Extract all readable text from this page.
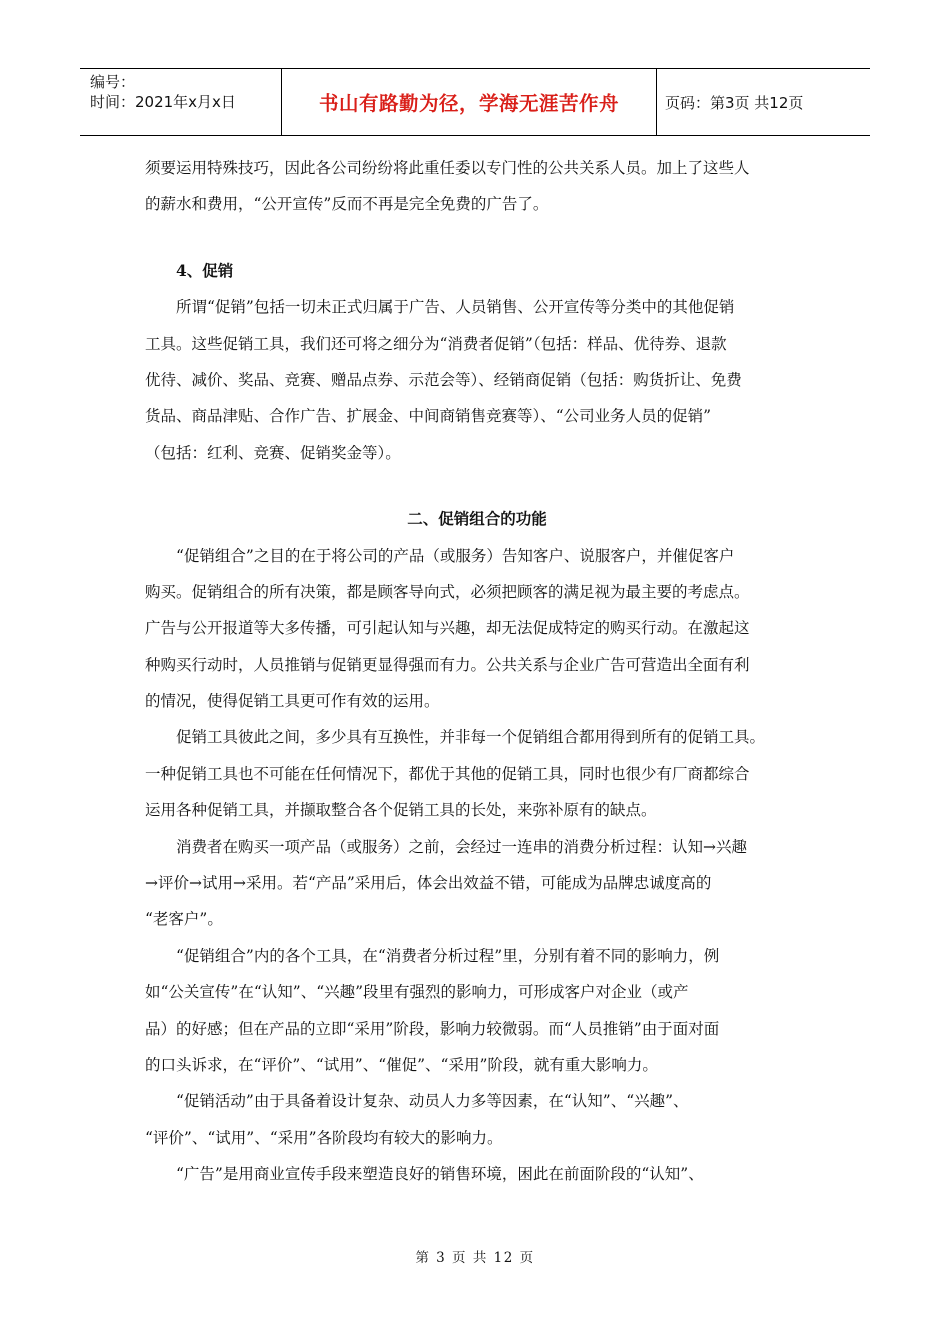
编号：
时间：2021年x月x日	书山有路勤为径，学海无涯苦作舟	页码：第3页 共12页
须要运用特殊技巧，因此各公司纷纷将此重任委以专门性的公共关系人员。加上了这些人
的薪水和费用，“公开宣传”反而不再是完全免费的广告了。
4、促销
所谓“促销”包括一切未正式归属于广告、人员销售、公开宣传等分类中的其他促销
工具。这些促销工具，我们还可将之细分为“消费者促销”（包括：样品、优待券、退款
优待、减价、奖品、竞赛、赠品点券、示范会等）、经销商促销（包括：购货折让、免费
货品、商品津贴、合作广告、扩展金、中间商销售竞赛等）、“公司业务人员的促销”
（包括：红利、竞赛、促销奖金等）。
二、促销组合的功能
“促销组合”之目的在于将公司的产品（或服务）告知客户、说服客户，并催促客户
购买。促销组合的所有决策，都是顾客导向式，必须把顾客的满足视为最主要的考虑点。
广告与公开报道等大多传播，可引起认知与兴趣，却无法促成特定的购买行动。在激起这
种购买行动时，人员推销与促销更显得强而有力。公共关系与企业广告可营造出全面有利
的情况，使得促销工具更可作有效的运用。
促销工具彼此之间，多少具有互换性，并非每一个促销组合都用得到所有的促销工具。
一种促销工具也不可能在任何情况下，都优于其他的促销工具，同时也很少有厂商都综合
运用各种促销工具，并撷取整合各个促销工具的长处，来弥补原有的缺点。
消费者在购买一项产品（或服务）之前，会经过一连串的消费分析过程：认知→兴趣
→评价→试用→采用。若“产品”采用后，体会出效益不错，可能成为品牌忠诚度高的
“老客户”。
“促销组合”内的各个工具，在“消费者分析过程”里，分别有着不同的影响力，例
如“公关宣传”在“认知”、“兴趣”段里有强烈的影响力，可形成客户对企业（或产
品）的好感；但在产品的立即“采用”阶段，影响力较微弱。而“人员推销”由于面对面
的口头诉求，在“评价”、“试用”、“催促”、“采用”阶段，就有重大影响力。
“促销活动”由于具备着设计复杂、动员人力多等因素，在“认知”、“兴趣”、
“评价”、“试用”、“采用”各阶段均有较大的影响力。
“广告”是用商业宣传手段来塑造良好的销售环境，困此在前面阶段的“认知”、
第 3 页 共 12 页
